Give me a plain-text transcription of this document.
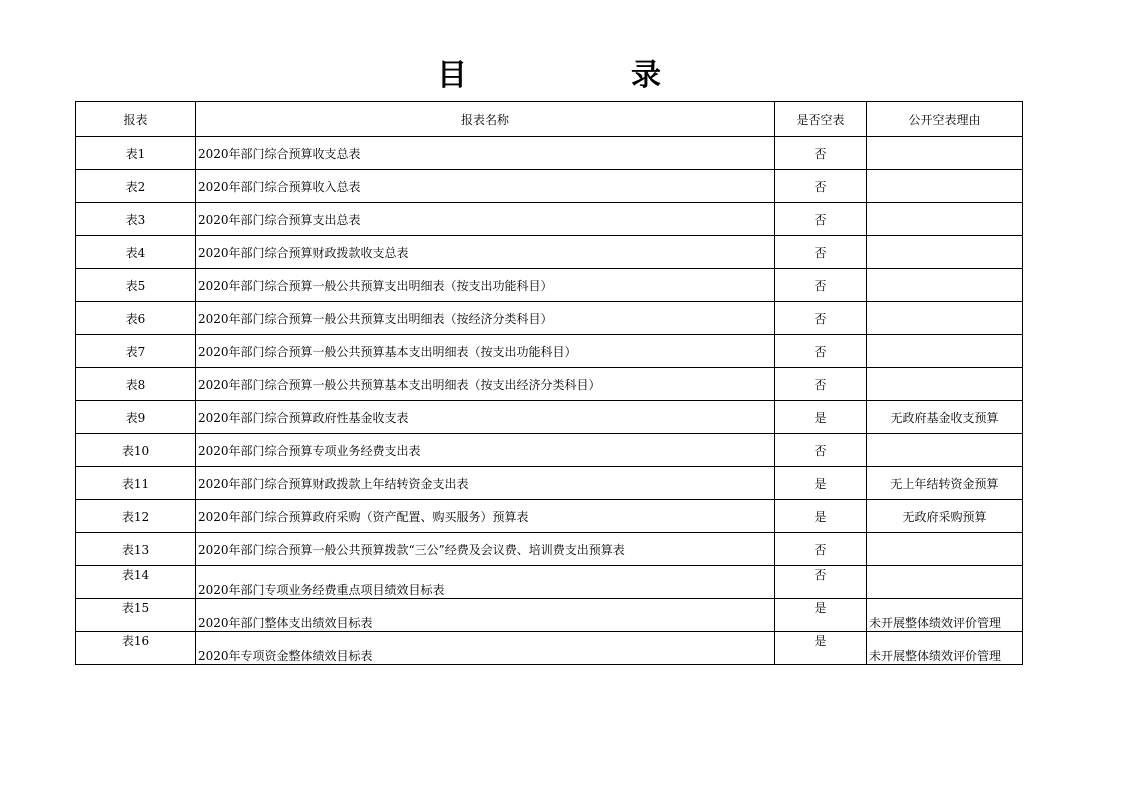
目	录
报表	报表名称	是否空表	公开空表理由
表1	2020年部门综合预算收支总表	否	
表2	2020年部门综合预算收入总表	否	
表3	2020年部门综合预算支出总表	否	
表4	2020年部门综合预算财政拨款收支总表	否	
表5	2020年部门综合预算一般公共预算支出明细表（按支出功能科目）	否	
表6	2020年部门综合预算一般公共预算支出明细表（按经济分类科目）	否	
表7	2020年部门综合预算一般公共预算基本支出明细表（按支出功能科目）	否	
表8	2020年部门综合预算一般公共预算基本支出明细表（按支出经济分类科目）	否	
表9	2020年部门综合预算政府性基金收支表	是	无政府基金收支预算
表10	2020年部门综合预算专项业务经费支出表	否	
表11	2020年部门综合预算财政拨款上年结转资金支出表	是	无上年结转资金预算
表12	2020年部门综合预算政府采购（资产配置、购买服务）预算表	是	无政府采购预算
表13	2020年部门综合预算一般公共预算拨款“三公”经费及会议费、培训费支出预算表	否	
表14	2020年部门专项业务经费重点项目绩效目标表	否	
表15	2020年部门整体支出绩效目标表	是	未开展整体绩效评价管理
表16	2020年专项资金整体绩效目标表	是	未开展整体绩效评价管理
